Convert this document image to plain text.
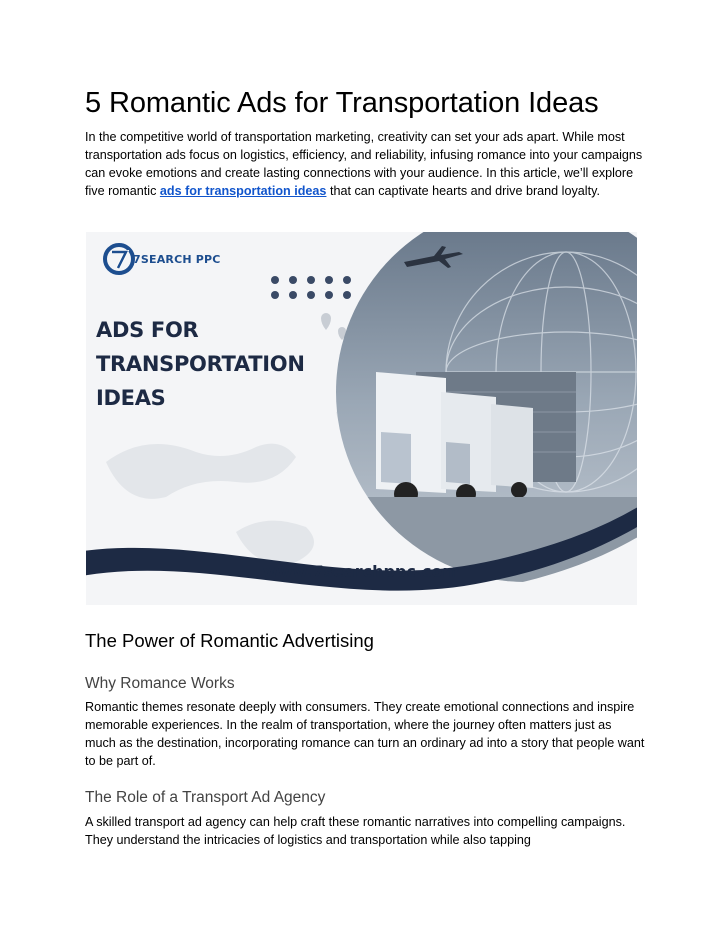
5 Romantic Ads for Transportation Ideas

In the competitive world of transportation marketing, creativity can set your ads apart. While most transportation ads focus on logistics, efficiency, and reliability, infusing romance into your campaigns can evoke emotions and create lasting connections with your audience. In this article, we’ll explore five romantic ads for transportation ideas that can captivate hearts and drive brand loyalty.

7SEARCH PPC
ADS FOR
TRANSPORTATION
IDEAS
www.7searchppc.com
The Power of Romantic Advertising
Why Romance Works

Romantic themes resonate deeply with consumers. They create emotional connections and inspire memorable experiences. In the realm of transportation, where the journey often matters just as much as the destination, incorporating romance can turn an ordinary ad into a story that people want to be part of.

The Role of a Transport Ad Agency

A skilled transport ad agency can help craft these romantic narratives into compelling campaigns. They understand the intricacies of logistics and transportation while also tapping
